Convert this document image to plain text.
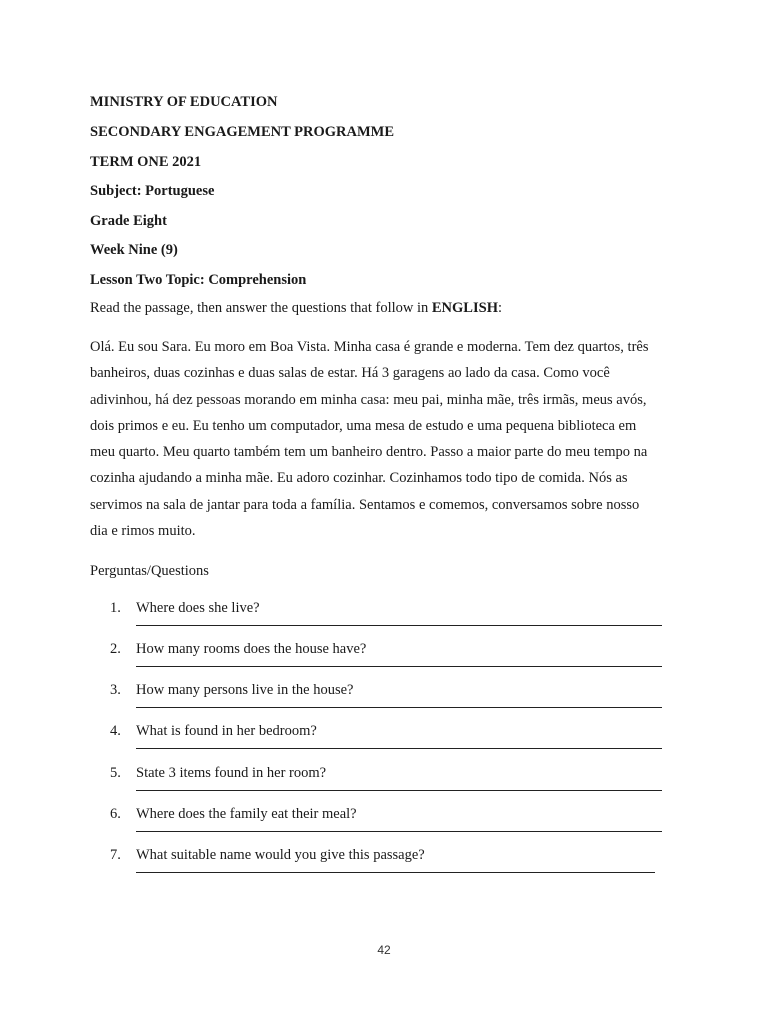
MINISTRY OF EDUCATION
SECONDARY ENGAGEMENT PROGRAMME
TERM ONE 2021
Subject: Portuguese
Grade Eight
Week Nine (9)
Lesson Two Topic: Comprehension
Read the passage, then answer the questions that follow in ENGLISH:
Olá. Eu sou Sara. Eu moro em Boa Vista. Minha casa é grande e moderna. Tem dez quartos, três
banheiros, duas cozinhas e duas salas de estar. Há 3 garagens ao lado da casa. Como você
adivinhou, há dez pessoas morando em minha casa: meu pai, minha mãe, três irmãs, meus avós,
dois primos e eu. Eu tenho um computador, uma mesa de estudo e uma pequena biblioteca em
meu quarto. Meu quarto também tem um banheiro dentro. Passo a maior parte do meu tempo na
cozinha ajudando a minha mãe. Eu adoro cozinhar. Cozinhamos todo tipo de comida. Nós as
servimos na sala de jantar para toda a família. Sentamos e comemos, conversamos sobre nosso
dia e rimos muito.
Perguntas/Questions
1.	Where does she live?
2.	How many rooms does the house have?
3.	How many persons live in the house?
4.	What is found in her bedroom?
5.	State 3 items found in her room?
6.	Where does the family eat their meal?
7.	What suitable name would you give this passage?
42
